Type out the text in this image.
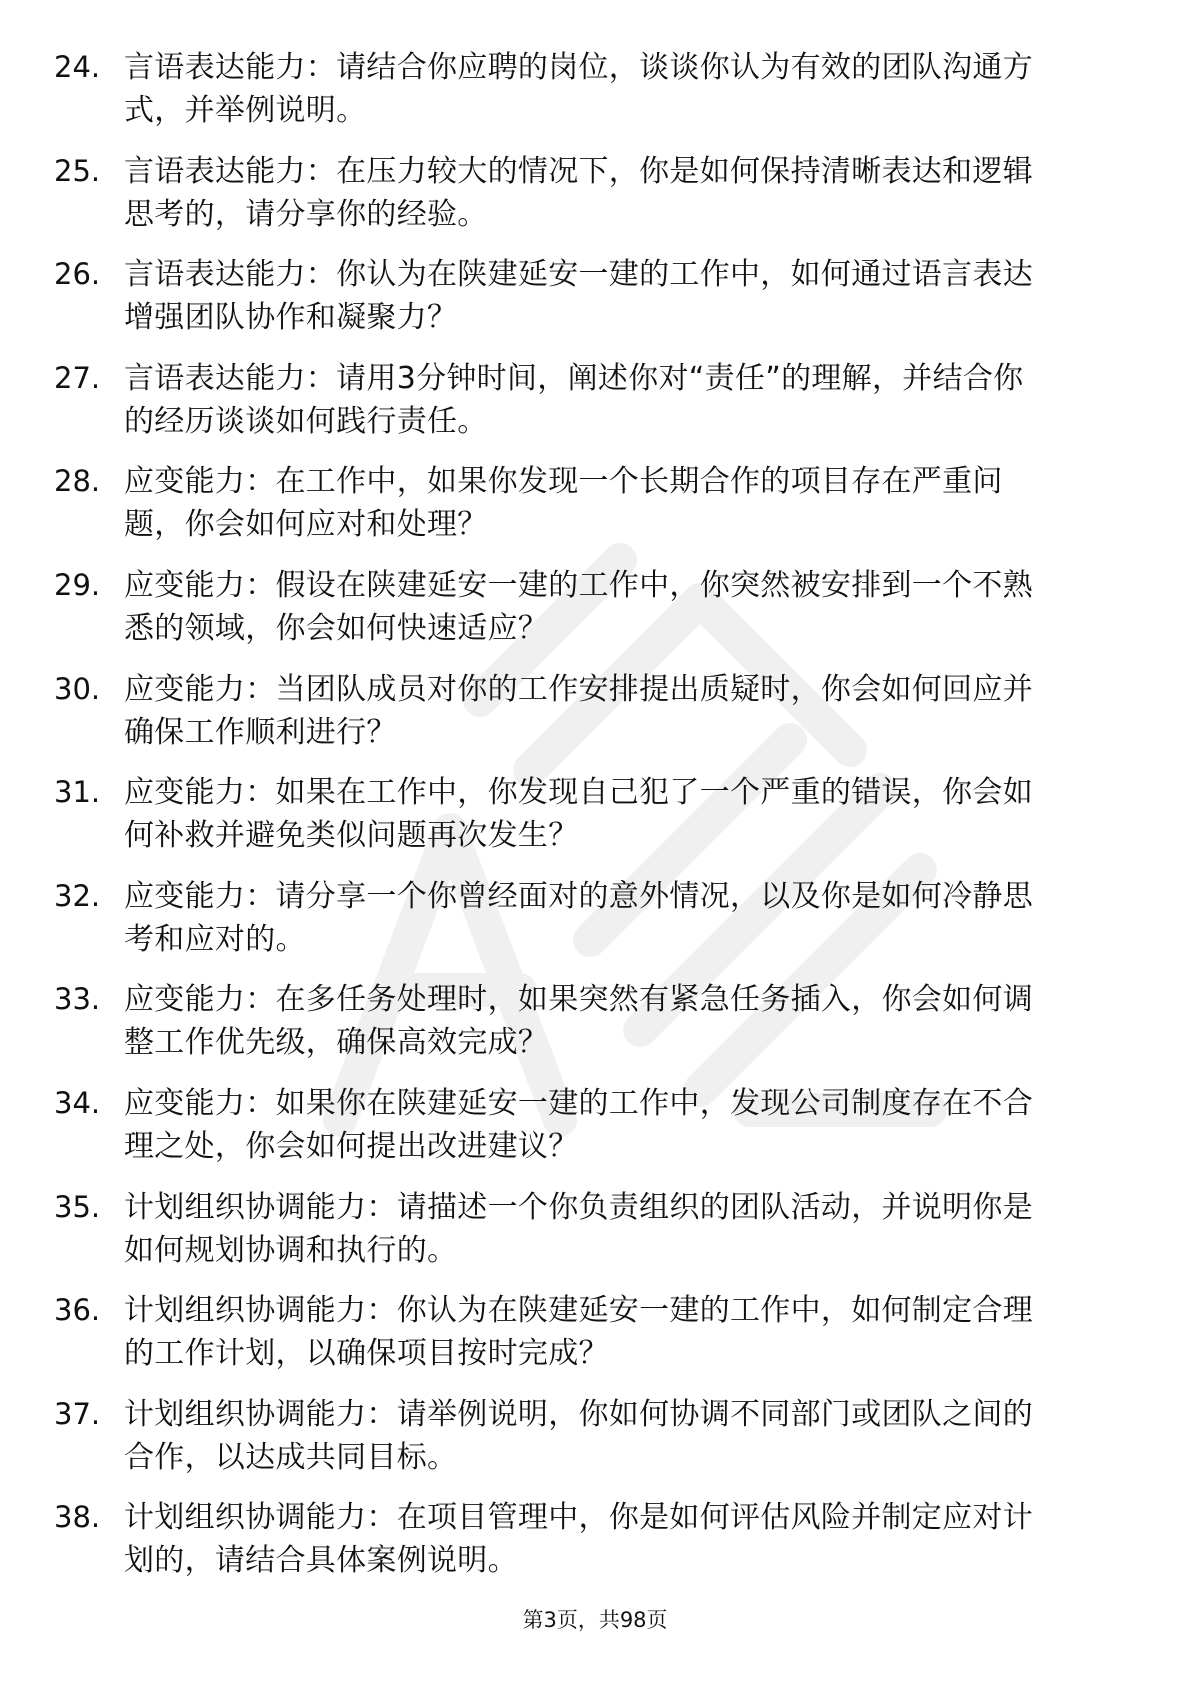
24. 言语表达能力：请结合你应聘的岗位，谈谈你认为有效的团队沟通方式，并举例说明。
25. 言语表达能力：在压力较大的情况下，你是如何保持清晰表达和逻辑思考的，请分享你的经验。
26. 言语表达能力：你认为在陕建延安一建的工作中，如何通过语言表达增强团队协作和凝聚力？
27. 言语表达能力：请用3分钟时间，阐述你对“责任”的理解，并结合你的经历谈谈如何践行责任。
28. 应变能力：在工作中，如果你发现一个长期合作的项目存在严重问题，你会如何应对和处理？
29. 应变能力：假设在陕建延安一建的工作中，你突然被安排到一个不熟悉的领域，你会如何快速适应？
30. 应变能力：当团队成员对你的工作安排提出质疑时，你会如何回应并确保工作顺利进行？
31. 应变能力：如果在工作中，你发现自己犯了一个严重的错误，你会如何补救并避免类似问题再次发生？
32. 应变能力：请分享一个你曾经面对的意外情况，以及你是如何冷静思考和应对的。
33. 应变能力：在多任务处理时，如果突然有紧急任务插入，你会如何调整工作优先级，确保高效完成？
34. 应变能力：如果你在陕建延安一建的工作中，发现公司制度存在不合理之处，你会如何提出改进建议？
35. 计划组织协调能力：请描述一个你负责组织的团队活动，并说明你是如何规划协调和执行的。
36. 计划组织协调能力：你认为在陕建延安一建的工作中，如何制定合理的工作计划，以确保项目按时完成？
37. 计划组织协调能力：请举例说明，你如何协调不同部门或团队之间的合作，以达成共同目标。
38. 计划组织协调能力：在项目管理中，你是如何评估风险并制定应对计划的，请结合具体案例说明。
第3页，共98页
